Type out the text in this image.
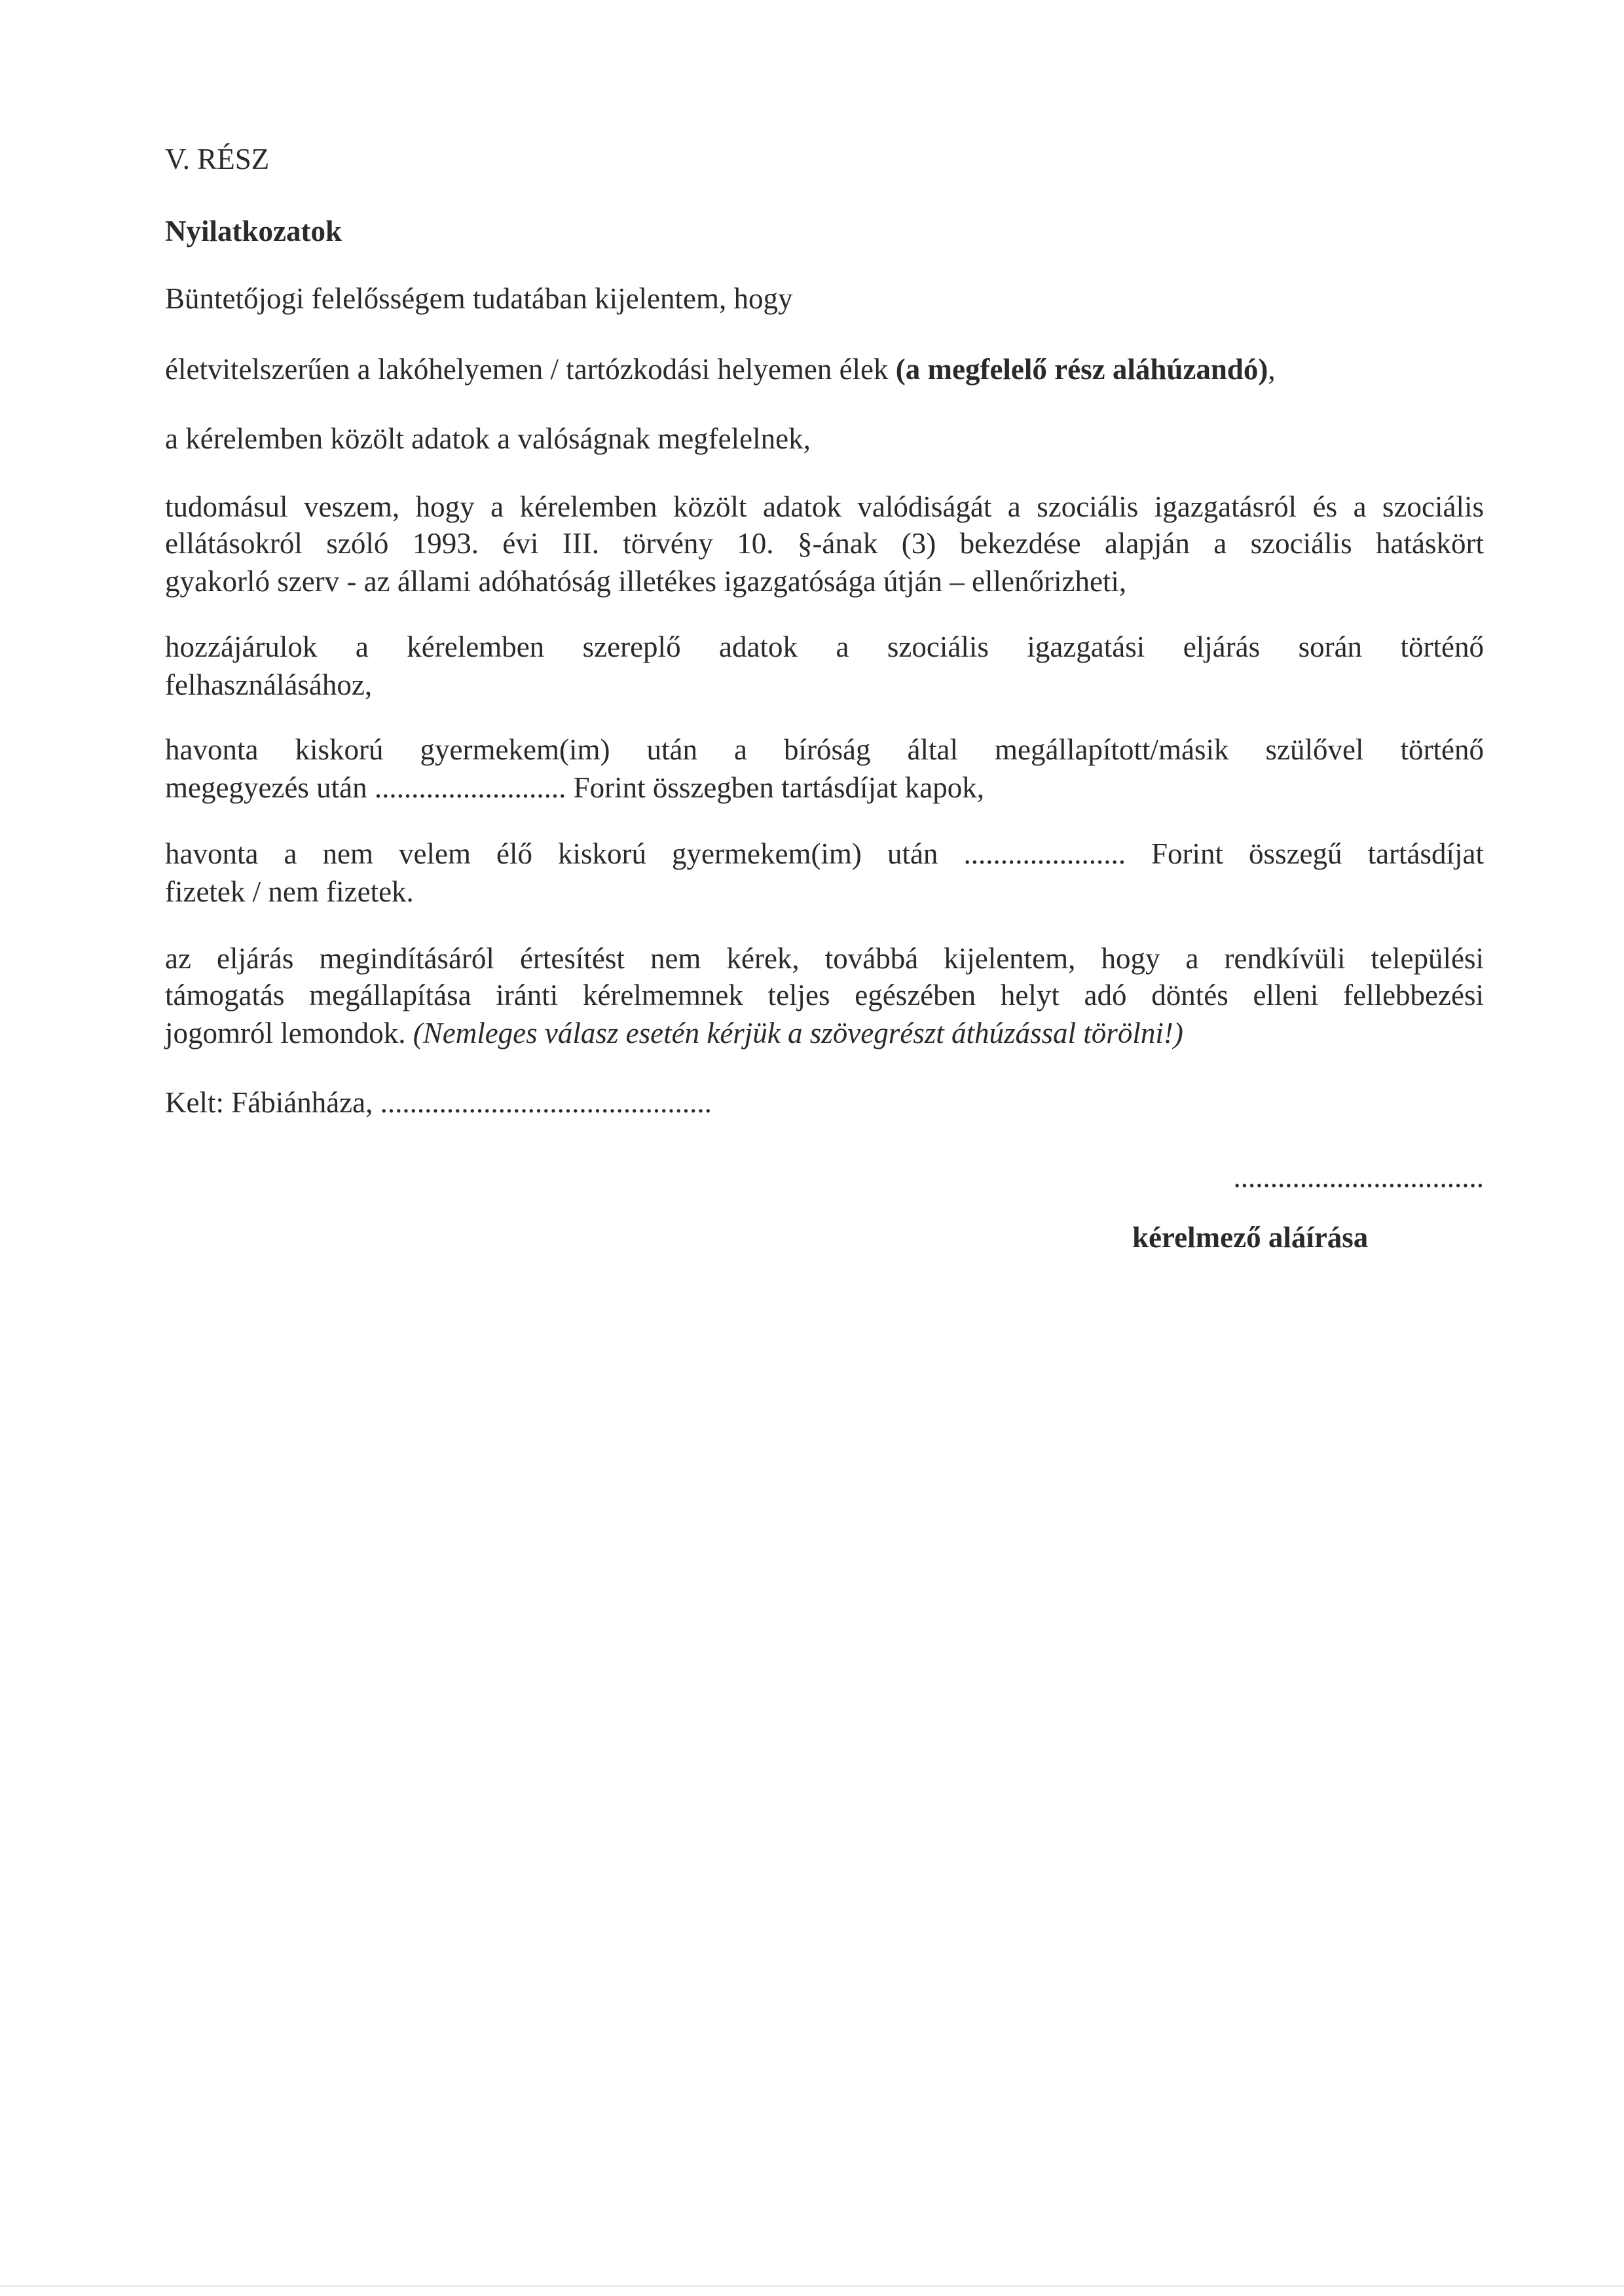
V. RÉSZ
Nyilatkozatok
Büntetőjogi felelősségem tudatában kijelentem, hogy
életvitelszerűen a lakóhelyemen / tartózkodási helyemen élek (a megfelelő rész aláhúzandó),
a kérelemben közölt adatok a valóságnak megfelelnek,
tudomásul veszem, hogy a kérelemben közölt adatok valódiságát a szociális igazgatásról és a szociális
ellátásokról szóló 1993. évi III. törvény 10. §-ának (3) bekezdése alapján a szociális hatáskört
gyakorló szerv - az állami adóhatóság illetékes igazgatósága útján – ellenőrizheti,
hozzájárulok a kérelemben szereplő adatok a szociális igazgatási eljárás során történő
felhasználásához,
havonta kiskorú gyermekem(im) után a bíróság által megállapított/másik szülővel történő
megegyezés után .......................... Forint összegben tartásdíjat kapok,
havonta a nem velem élő kiskorú gyermekem(im) után ...................... Forint összegű tartásdíjat
fizetek / nem fizetek.
az eljárás megindításáról értesítést nem kérek, továbbá kijelentem, hogy a rendkívüli települési
támogatás megállapítása iránti kérelmemnek teljes egészében helyt adó döntés elleni fellebbezési
jogomról lemondok. (Nemleges válasz esetén kérjük a szövegrészt áthúzással törölni!)
Kelt: Fábiánháza, .............................................
..................................
kérelmező aláírása
